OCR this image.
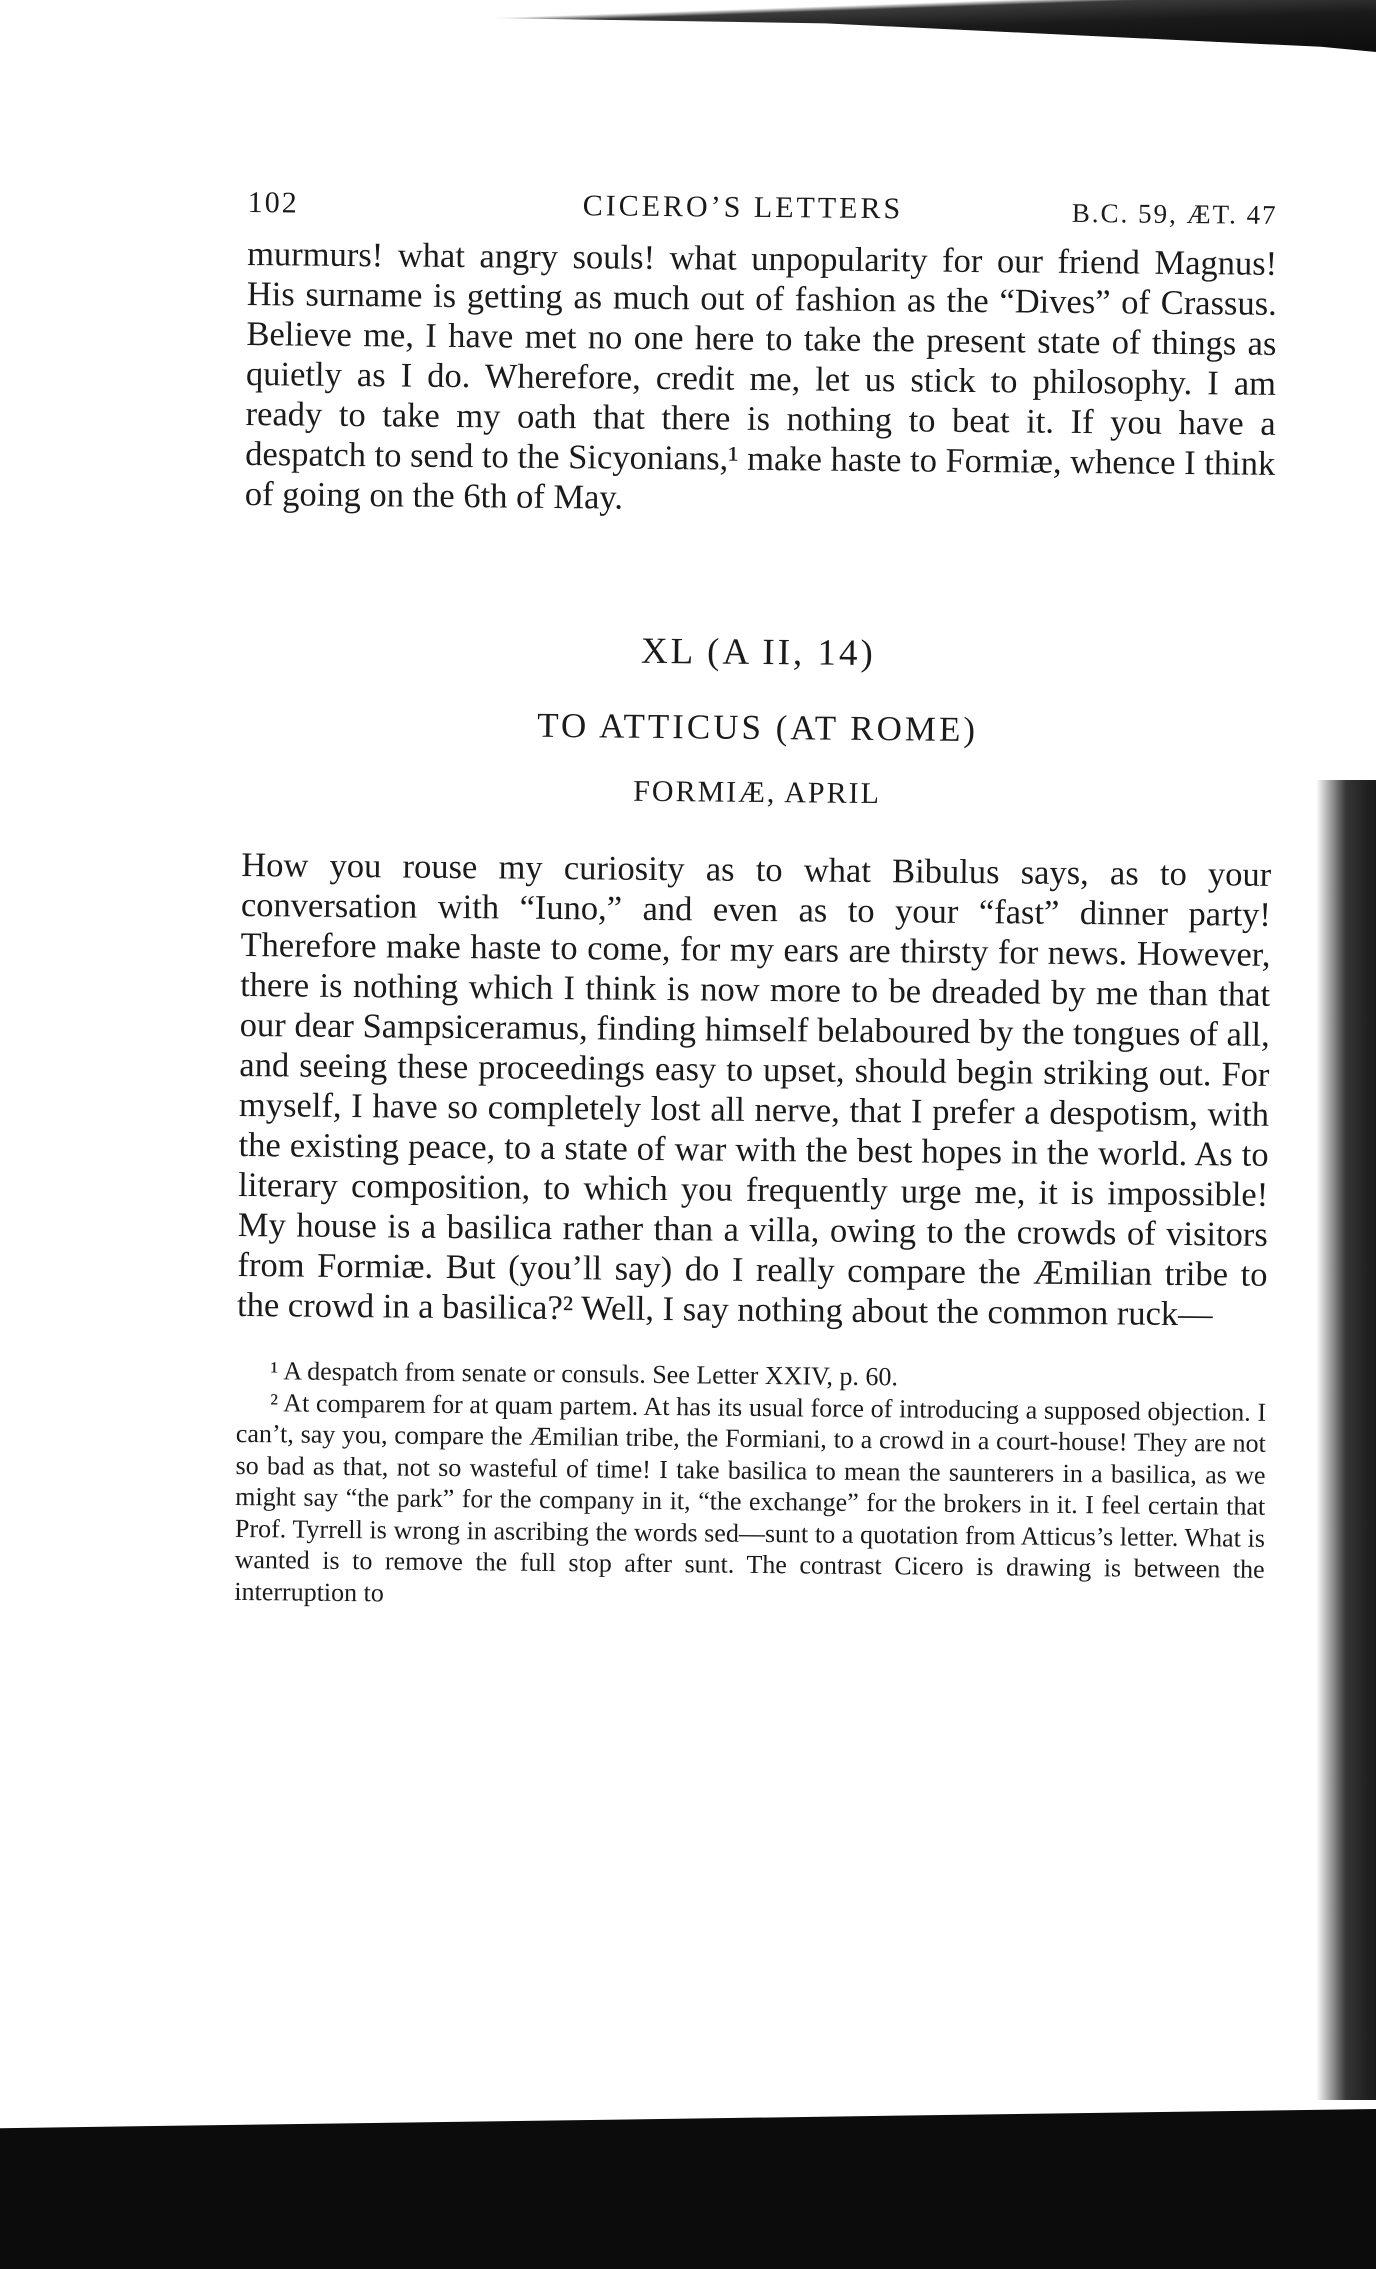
102	CICERO’S LETTERS	B.C. 59, ÆT. 47

murmurs! what angry souls! what unpopularity for our friend Magnus! His surname is getting as much out of fashion as the “Dives” of Crassus. Believe me, I have met no one here to take the present state of things as quietly as I do. Wherefore, credit me, let us stick to philosophy. I am ready to take my oath that there is nothing to beat it. If you have a despatch to send to the Sicyonians,¹ make haste to Formiæ, whence I think of going on the 6th of May.

XL (A II, 14)
TO ATTICUS (AT ROME)
FORMIÆ, APRIL

How you rouse my curiosity as to what Bibulus says, as to your conversation with “Iuno,” and even as to your “fast” dinner party! Therefore make haste to come, for my ears are thirsty for news. However, there is nothing which I think is now more to be dreaded by me than that our dear Sampsiceramus, finding himself belaboured by the tongues of all, and seeing these proceedings easy to upset, should begin striking out. For myself, I have so completely lost all nerve, that I prefer a despotism, with the existing peace, to a state of war with the best hopes in the world. As to literary composition, to which you frequently urge me, it is impossible! My house is a basilica rather than a villa, owing to the crowds of visitors from Formiæ. But (you’ll say) do I really compare the Æmilian tribe to the crowd in a basilica?² Well, I say nothing about the common ruck—

¹ A despatch from senate or consuls. See Letter XXIV, p. 60.

² At comparem for at quam partem. At has its usual force of introducing a supposed objection. I can’t, say you, compare the Æmilian tribe, the Formiani, to a crowd in a court-house! They are not so bad as that, not so wasteful of time! I take basilica to mean the saunterers in a basilica, as we might say “the park” for the company in it, “the exchange” for the brokers in it. I feel certain that Prof. Tyrrell is wrong in ascribing the words sed—sunt to a quotation from Atticus’s letter. What is wanted is to remove the full stop after sunt. The contrast Cicero is drawing is between the interruption to
